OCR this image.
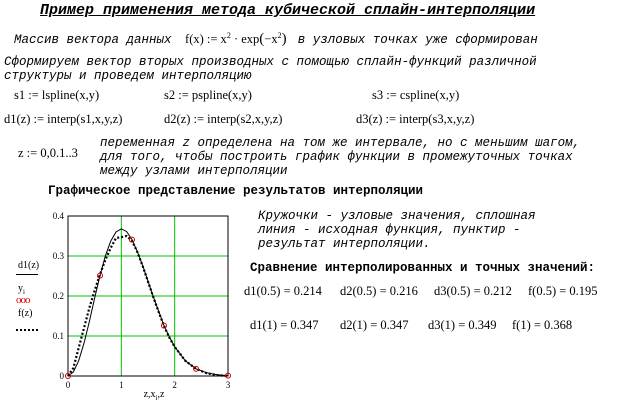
Пример применения метода кубической сплайн-интерполяции
Массив вектора данных f(x) := $x^2 \cdot \exp(-x^2)$ в узловых точках уже сформирован
Сформируем вектор вторых производных с помощью сплайн-функций различной
структуры и проведем интерполяцию
s1 := lspline(x,y)	s2 := pspline(x,y)	s3 := cspline(x,y)
d1(z) := interp(s1,x,y,z)	d2(z) := interp(s2,x,y,z)	d3(z) := interp(s3,x,y,z)
z := 0,0.1..3
переменная z определена на том же интервале, но с меньшим шагом,
для того, чтобы построить график функции в промежуточных точках
между узлами интерполяции
Графическое представление результатов интерполяции
d1(z)
$y_i$
ooo
f(z)
0	1	2	3
0
0.1
0.2
0.3
0.4
$z,x_i,z$
Кружочки - узловые значения, сплошная
линия - исходная функция, пунктир -
результат интерполяции.
Сравнение интерполированных и точных значений:
d1(0.5) = 0.214 d2(0.5) = 0.216 d3(0.5) = 0.212 f(0.5) = 0.195
d1(1) = 0.347 d2(1) = 0.347 d3(1) = 0.349 f(1) = 0.368
